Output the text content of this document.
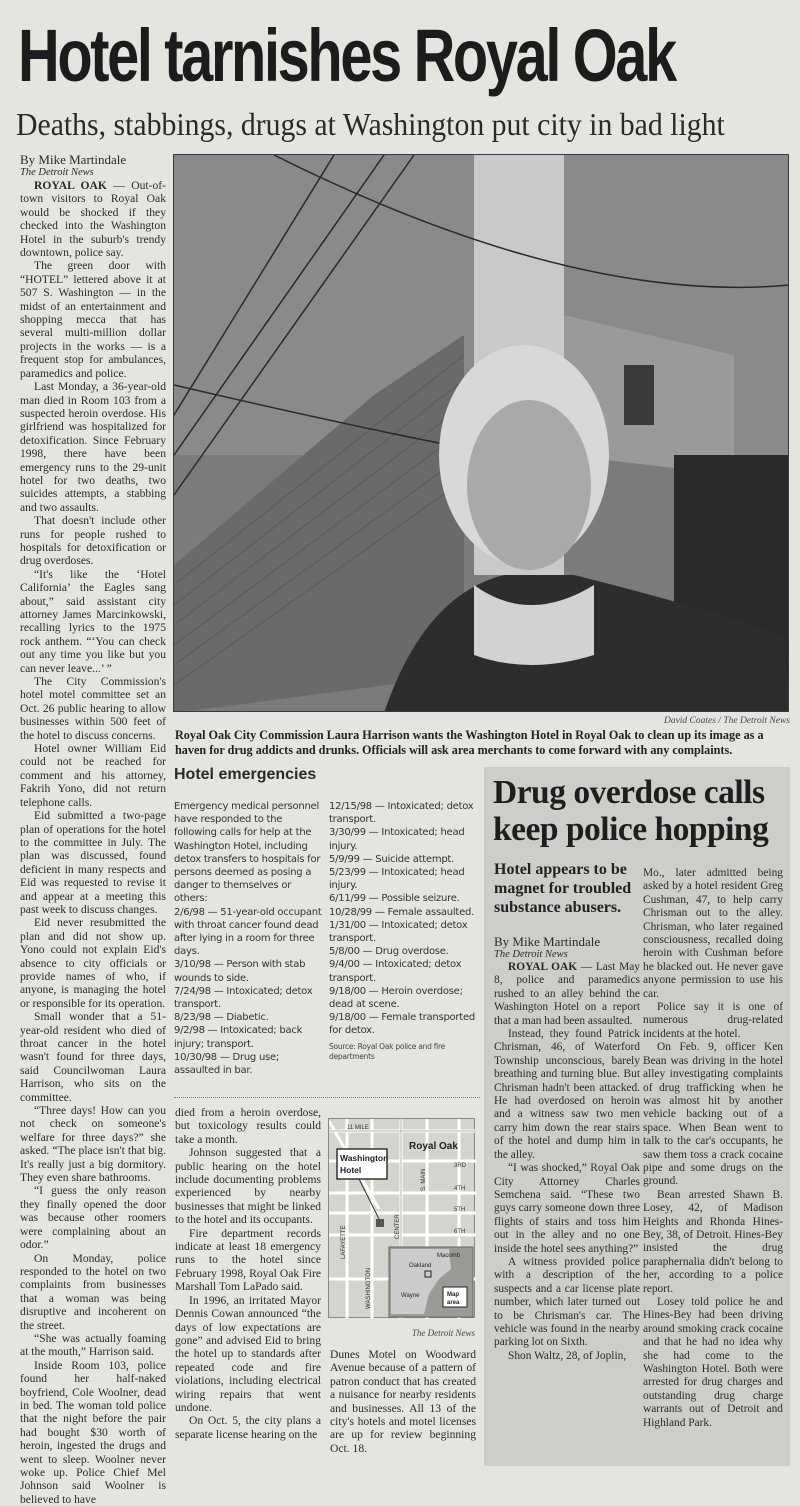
Hotel tarnishes Royal Oak
Deaths, stabbings, drugs at Washington put city in bad light
By Mike Martindale
The Detroit News

ROYAL OAK — Out-of-town visitors to Royal Oak would be shocked if they checked into the Washington Hotel in the suburb's trendy downtown, police say.

The green door with “HOTEL” lettered above it at 507 S. Washington — in the midst of an entertainment and shopping mecca that has several multi-million dollar projects in the works — is a frequent stop for ambulances, paramedics and police.

Last Monday, a 36-year-old man died in Room 103 from a suspected heroin overdose. His girlfriend was hospitalized for detoxification. Since February 1998, there have been emergency runs to the 29-unit hotel for two deaths, two suicides attempts, a stabbing and two assaults.

That doesn't include other runs for people rushed to hospitals for detoxification or drug overdoses.

“It's like the ‘Hotel California’ the Eagles sang about,” said assistant city attorney James Marcinkowski, recalling lyrics to the 1975 rock anthem. “‘You can check out any time you like but you can never leave...’ ”

The City Commission's hotel motel committee set an Oct. 26 public hearing to allow businesses within 500 feet of the hotel to discuss concerns.

Hotel owner William Eid could not be reached for comment and his attorney, Fakrih Yono, did not return telephone calls.

Eid submitted a two-page plan of operations for the hotel to the committee in July. The plan was discussed, found deficient in many respects and Eid was requested to revise it and appear at a meeting this past week to discuss changes.

Eid never resubmitted the plan and did not show up. Yono could not explain Eid's absence to city officials or provide names of who, if anyone, is managing the hotel or responsible for its operation.

Small wonder that a 51-year-old resident who died of throat cancer in the hotel wasn't found for three days, said Councilwoman Laura Harrison, who sits on the committee.

“Three days! How can you not check on someone's welfare for three days?” she asked. “The place isn't that big. It's really just a big dormitory. They even share bathrooms.

“I guess the only reason they finally opened the door was because other roomers were complaining about an odor.”

On Monday, police responded to the hotel on two complaints from businesses that a woman was being disruptive and incoherent on the street.

“She was actually foaming at the mouth,” Harrison said.

Inside Room 103, police found her half-naked boyfriend, Cole Woolner, dead in bed. The woman told police that the night before the pair had bought $30 worth of heroin, ingested the drugs and went to sleep. Woolner never woke up. Police Chief Mel Johnson said Woolner is believed to have

David Coates / The Detroit News
Royal Oak City Commission Laura Harrison wants the Washington Hotel in Royal Oak to clean up its image as a haven for drug addicts and drunks. Officials will ask area merchants to come forward with any complaints.
Hotel emergencies
Emergency medical personnel have responded to the following calls for help at the Washington Hotel, including detox transfers to hospitals for persons deemed as posing a danger to themselves or others:
2/6/98 — 51-year-old occupant with throat cancer found dead after lying in a room for three days.
3/10/98 — Person with stab wounds to side.
7/24/98 — Intoxicated; detox transport.
8/23/98 — Diabetic.
9/2/98 — Intoxicated; back injury; transport.
10/30/98 — Drug use; assaulted in bar.
12/15/98 — Intoxicated; detox transport.
3/30/99 — Intoxicated; head injury.
5/9/99 — Suicide attempt.
5/23/99 — Intoxicated; head injury.
6/11/99 — Possible seizure.
10/28/99 — Female assaulted.
1/31/00 — Intoxicated; detox transport.
5/8/00 — Drug overdose.
9/4/00 — Intoxicated; detox transport.
9/18/00 — Heroin overdose; dead at scene.
9/18/00 — Female transported for detox.
Source: Royal Oak police and fire departments

died from a heroin overdose, but toxicology results could take a month.

Johnson suggested that a public hearing on the hotel include documenting problems experienced by nearby businesses that might be linked to the hotel and its occupants.

Fire department records indicate at least 18 emergency runs to the hotel since February 1998, Royal Oak Fire Marshall Tom LaPado said.

In 1996, an irritated Mayor Dennis Cowan announced “the days of low expectations are gone” and advised Eid to bring the hotel up to standards after repeated code and fire violations, including electrical wiring repairs that went undone.

On Oct. 5, the city plans a separate license hearing on the

11 MILE
Royal Oak
Washington
Hotel	3RD
4TH
5TH
6TH
S. MAIN
CENTER
LAFAYETTE
WASHINGTON
Oakland
Macomb
Wayne	Map
area
The Detroit News

Dunes Motel on Woodward Avenue because of a pattern of patron conduct that has created a nuisance for nearby residents and businesses. All 13 of the city's hotels and motel licenses are up for review beginning Oct. 18.

Drug overdose calls
keep police hopping
Hotel appears to be magnet for troubled substance abusers.
By Mike Martindale
The Detroit News

ROYAL OAK — Last May 8, police and paramedics rushed to an alley behind the Washington Hotel on a report that a man had been assaulted.

Instead, they found Patrick Chrisman, 46, of Waterford Township unconscious, barely breathing and turning blue. But Chrisman hadn't been attacked. He had overdosed on heroin and a witness saw two men carry him down the rear stairs of the hotel and dump him in the alley.

“I was shocked,” Royal Oak City Attorney Charles Semchena said. “These two guys carry someone down three flights of stairs and toss him out in the alley and no one inside the hotel sees anything?”

A witness provided police with a description of the suspects and a car license plate number, which later turned out to be Chrisman's car. The vehicle was found in the nearby parking lot on Sixth.

Shon Waltz, 28, of Joplin,

Mo., later admitted being asked by a hotel resident Greg Cushman, 47, to help carry Chrisman out to the alley. Chrisman, who later regained consciousness, recalled doing heroin with Cushman before he blacked out. He never gave anyone permission to use his car.

Police say it is one of numerous drug-related incidents at the hotel.

On Feb. 9, officer Ken Bean was driving in the hotel alley investigating complaints of drug trafficking when he was almost hit by another vehicle backing out of a space. When Bean went to talk to the car's occupants, he saw them toss a crack cocaine pipe and some drugs on the ground.

Bean arrested Shawn B. Losey, 42, of Madison Heights and Rhonda Hines-Bey, 38, of Detroit. Hines-Bey insisted the drug paraphernalia didn't belong to her, according to a police report.

Losey told police he and Hines-Bey had been driving around smoking crack cocaine and that he had no idea why she had come to the Washington Hotel. Both were arrested for drug charges and outstanding drug charge warrants out of Detroit and Highland Park.
